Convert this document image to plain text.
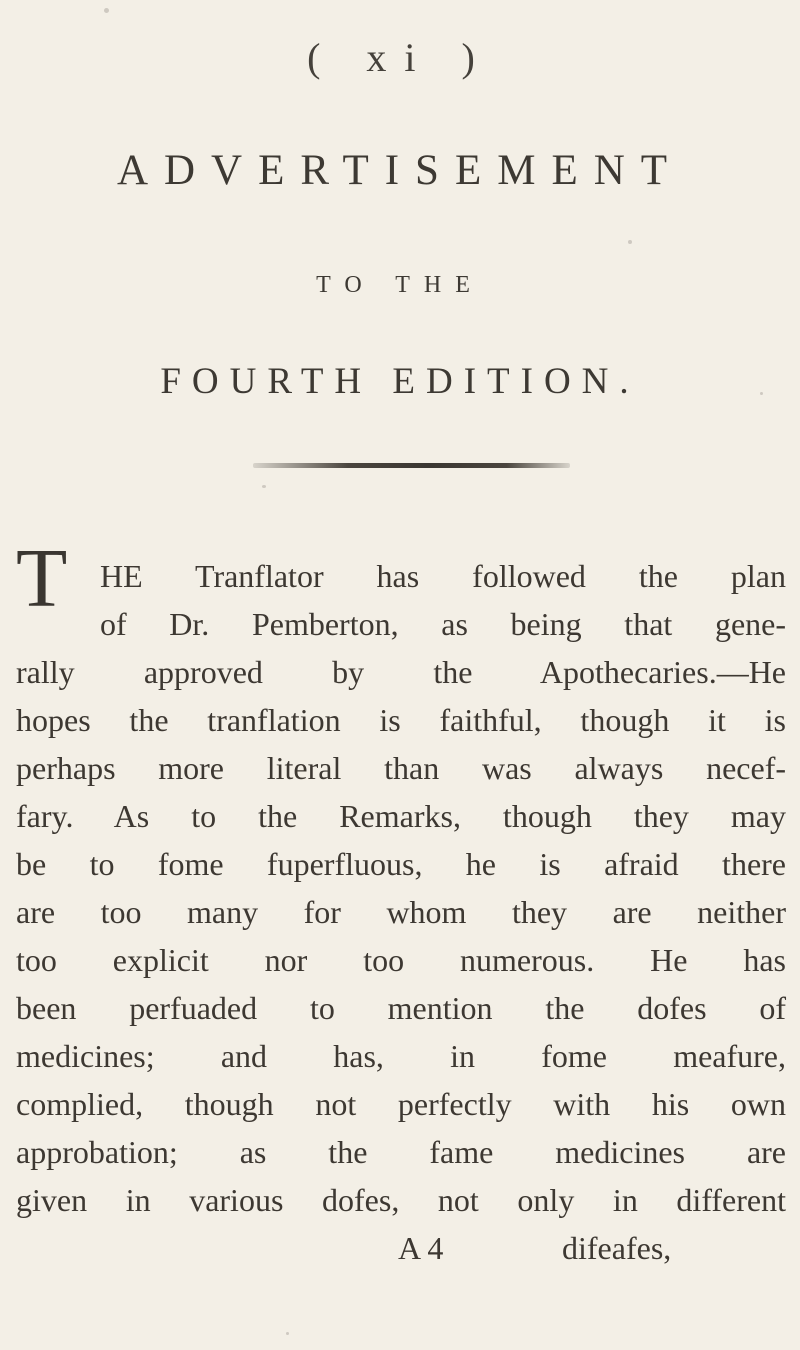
( xi )
ADVERTISEMENT
TO THE
FOURTH EDITION.
T HE Tranflator has followed the plan
of Dr. Pemberton, as being that gene-
rally approved by the Apothecaries.—He
hopes the tranflation is faithful, though it is
perhaps more literal than was always necef-
fary. As to the Remarks, though they may
be to fome fuperfluous, he is afraid there
are too many for whom they are neither
too explicit nor too numerous. He has
been perfuaded to mention the dofes of
medicines; and has, in fome meafure,
complied, though not perfectly with his own
approbation; as the fame medicines are
given in various dofes, not only in different
A 4	difeafes,
